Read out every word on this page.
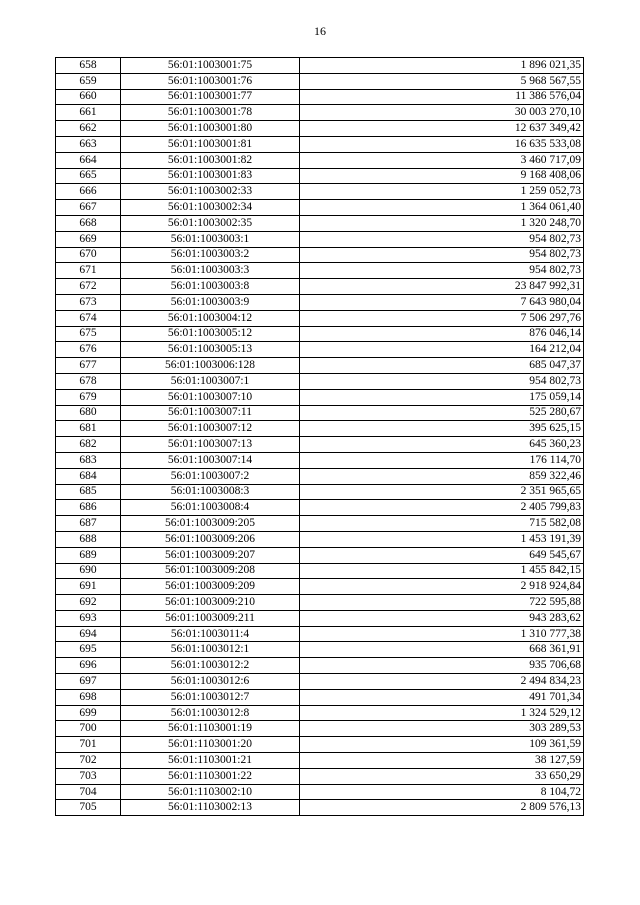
16
658	56:01:1003001:75	1 896 021,35
659	56:01:1003001:76	5 968 567,55
660	56:01:1003001:77	11 386 576,04
661	56:01:1003001:78	30 003 270,10
662	56:01:1003001:80	12 637 349,42
663	56:01:1003001:81	16 635 533,08
664	56:01:1003001:82	3 460 717,09
665	56:01:1003001:83	9 168 408,06
666	56:01:1003002:33	1 259 052,73
667	56:01:1003002:34	1 364 061,40
668	56:01:1003002:35	1 320 248,70
669	56:01:1003003:1	954 802,73
670	56:01:1003003:2	954 802,73
671	56:01:1003003:3	954 802,73
672	56:01:1003003:8	23 847 992,31
673	56:01:1003003:9	7 643 980,04
674	56:01:1003004:12	7 506 297,76
675	56:01:1003005:12	876 046,14
676	56:01:1003005:13	164 212,04
677	56:01:1003006:128	685 047,37
678	56:01:1003007:1	954 802,73
679	56:01:1003007:10	175 059,14
680	56:01:1003007:11	525 280,67
681	56:01:1003007:12	395 625,15
682	56:01:1003007:13	645 360,23
683	56:01:1003007:14	176 114,70
684	56:01:1003007:2	859 322,46
685	56:01:1003008:3	2 351 965,65
686	56:01:1003008:4	2 405 799,83
687	56:01:1003009:205	715 582,08
688	56:01:1003009:206	1 453 191,39
689	56:01:1003009:207	649 545,67
690	56:01:1003009:208	1 455 842,15
691	56:01:1003009:209	2 918 924,84
692	56:01:1003009:210	722 595,88
693	56:01:1003009:211	943 283,62
694	56:01:1003011:4	1 310 777,38
695	56:01:1003012:1	668 361,91
696	56:01:1003012:2	935 706,68
697	56:01:1003012:6	2 494 834,23
698	56:01:1003012:7	491 701,34
699	56:01:1003012:8	1 324 529,12
700	56:01:1103001:19	303 289,53
701	56:01:1103001:20	109 361,59
702	56:01:1103001:21	38 127,59
703	56:01:1103001:22	33 650,29
704	56:01:1103002:10	8 104,72
705	56:01:1103002:13	2 809 576,13
